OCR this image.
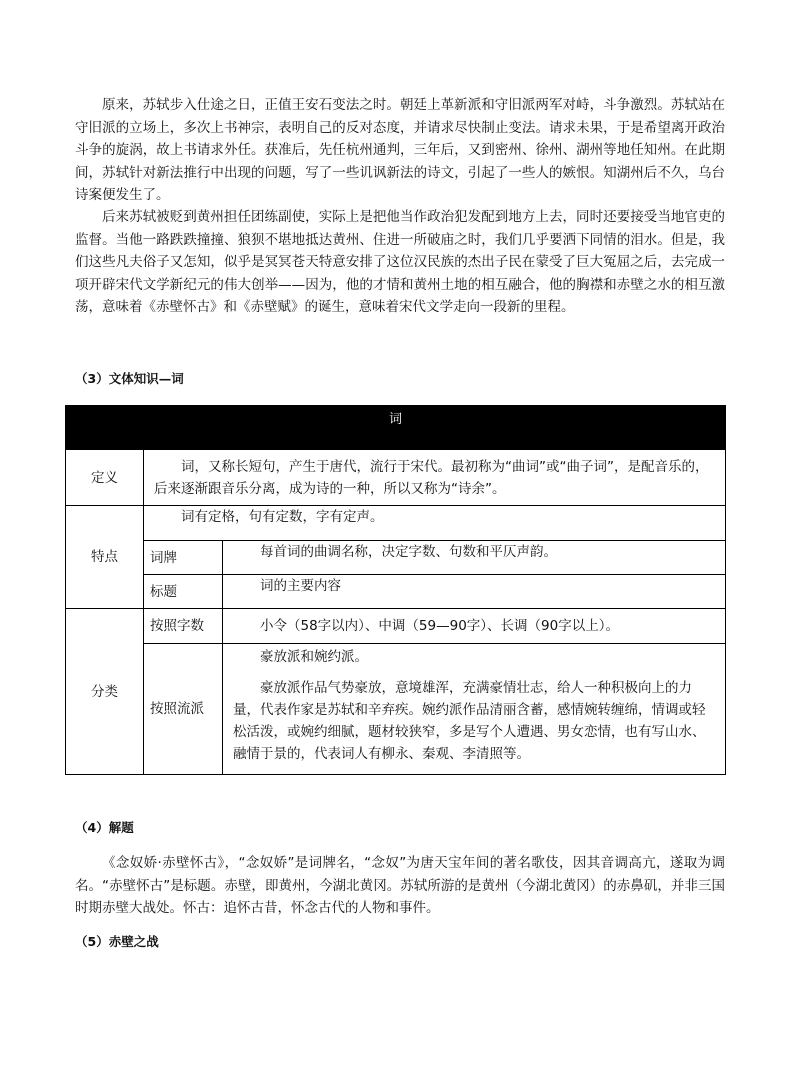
原来，苏轼步入仕途之日，正值王安石变法之时。朝廷上革新派和守旧派两军对峙，斗争激烈。苏轼站在守旧派的立场上，多次上书神宗，表明自己的反对态度，并请求尽快制止变法。请求未果，于是希望离开政治斗争的旋涡，故上书请求外任。获准后，先任杭州通判，三年后，又到密州、徐州、湖州等地任知州。在此期间，苏轼针对新法推行中出现的问题，写了一些讥讽新法的诗文，引起了一些人的嫉恨。知湖州后不久，乌台诗案便发生了。

后来苏轼被贬到黄州担任团练副使，实际上是把他当作政治犯发配到地方上去，同时还要接受当地官吏的监督。当他一路跌跌撞撞、狼狈不堪地抵达黄州、住进一所破庙之时，我们几乎要洒下同情的泪水。但是，我们这些凡夫俗子又怎知，似乎是冥冥苍天特意安排了这位汉民族的杰出子民在蒙受了巨大冤屈之后，去完成一项开辟宋代文学新纪元的伟大创举——因为，他的才情和黄州土地的相互融合，他的胸襟和赤壁之水的相互激荡，意味着《赤壁怀古》和《赤壁赋》的诞生，意味着宋代文学走向一段新的里程。

（3）文体知识—词

词		
定义	词，又称长短句，产生于唐代，流行于宋代。最初称为“曲词”或“曲子词”，是配音乐的，后来逐渐跟音乐分离，成为诗的一种，所以又称为“诗余”。	
特点	词有定格，句有定数，字有定声。	
	词牌	每首词的曲调名称，决定字数、句数和平仄声韵。
	标题	词的主要内容
分类	按照字数	小令（58字以内）、中调（59—90字）、长调（90字以上）。
	按照流派	豪放派和婉约派。
豪放派作品气势豪放，意境雄浑，充满豪情壮志，给人一种积极向上的力量，代表作家是苏轼和辛弃疾。婉约派作品清丽含蓄，感情婉转缠绵，情调或轻松活泼，或婉约细腻，题材较狭窄，多是写个人遭遇、男女恋情，也有写山水、融情于景的，代表词人有柳永、秦观、李清照等。

（4）解题

《念奴娇·赤壁怀古》，“念奴娇”是词牌名，“念奴”为唐天宝年间的著名歌伎，因其音调高亢，遂取为调名。“赤壁怀古”是标题。赤壁，即黄州，今湖北黄冈。苏轼所游的是黄州（今湖北黄冈）的赤鼻矶，并非三国时期赤壁大战处。怀古：追怀古昔，怀念古代的人物和事件。

（5）赤壁之战
